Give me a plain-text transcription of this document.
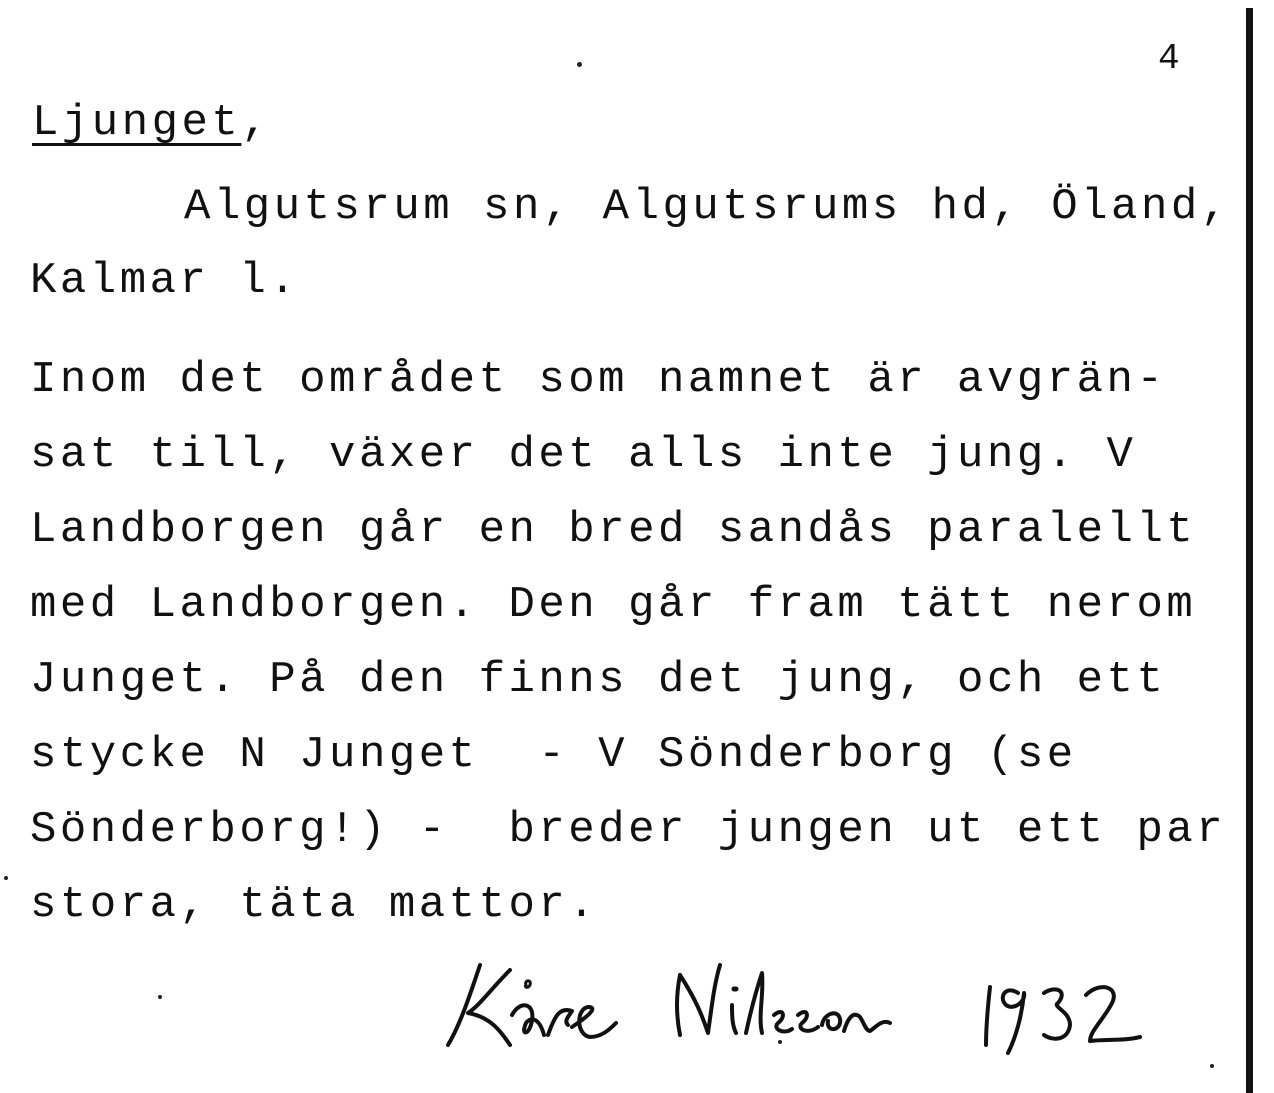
4
Ljunget,
Algutsrum sn, Algutsrums hd, Öland,
Kalmar l.
Inom det området som namnet är avgrän-
sat till, växer det alls inte jung. V
Landborgen går en bred sandås paralellt
med Landborgen. Den går fram tätt nerom
Junget. På den finns det jung, och ett
stycke N Junget  - V Sönderborg (se
Sönderborg!) -  breder jungen ut ett par
stora, täta mattor.
